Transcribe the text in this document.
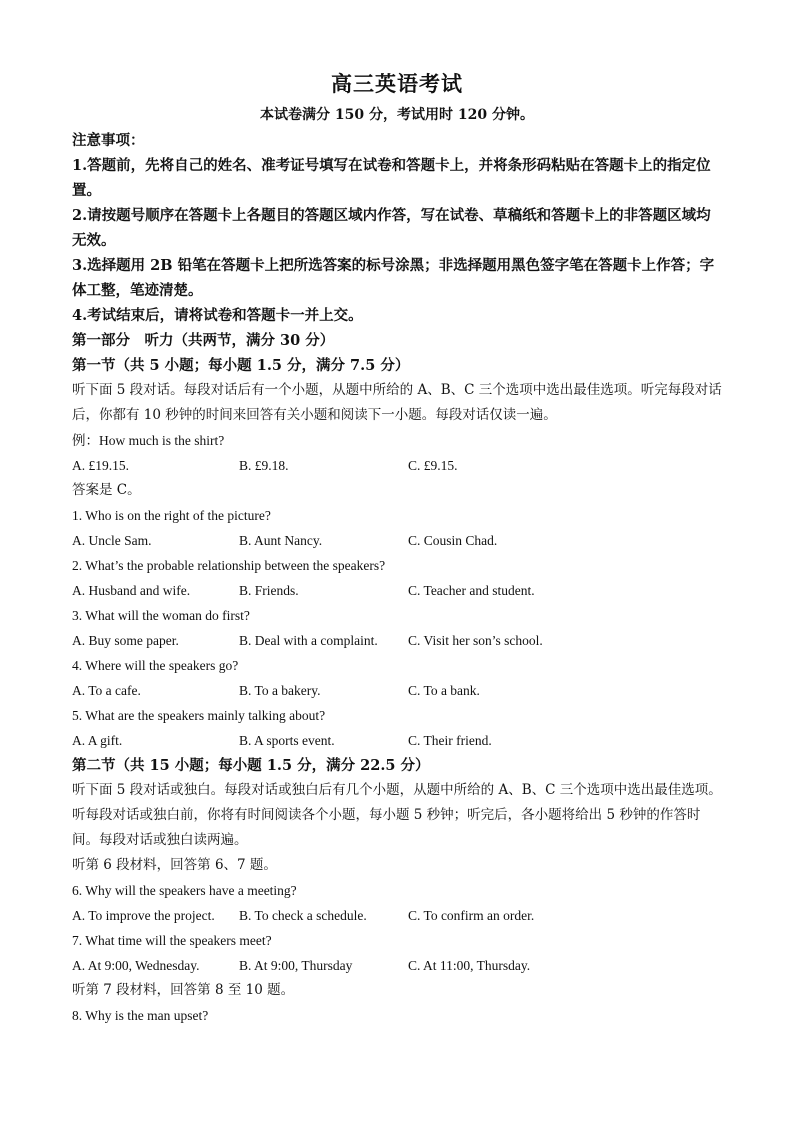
高三英语考试
本试卷满分 150 分，考试用时 120 分钟。

注意事项：

1.答题前，先将自己的姓名、准考证号填写在试卷和答题卡上，并将条形码粘贴在答题卡上的指定位置。

2.请按题号顺序在答题卡上各题目的答题区域内作答，写在试卷、草稿纸和答题卡上的非答题区域均无效。

3.选择题用 2B 铅笔在答题卡上把所选答案的标号涂黑；非选择题用黑色签字笔在答题卡上作答；字体工整，笔迹清楚。

4.考试结束后，请将试卷和答题卡一并上交。

第一部分　听力（共两节，满分 30 分）

第一节（共 5 小题；每小题 1.5 分，满分 7.5 分）

听下面 5 段对话。每段对话后有一个小题，从题中所给的 A、B、C 三个选项中选出最佳选项。听完每段对话后，你都有 10 秒钟的时间来回答有关小题和阅读下一小题。每段对话仅读一遍。

例：How much is the shirt?

A. £19.15.	B. £9.18.	C. £9.15.

答案是 C。

1. Who is on the right of the picture?

A. Uncle Sam.	B. Aunt Nancy.	C. Cousin Chad.

2. What’s the probable relationship between the speakers?

A. Husband and wife.	B. Friends.	C. Teacher and student.

3. What will the woman do first?

A. Buy some paper.	B. Deal with a complaint.	C. Visit her son’s school.

4. Where will the speakers go?

A. To a cafe.	B. To a bakery.	C. To a bank.

5. What are the speakers mainly talking about?

A. A gift.	B. A sports event.	C. Their friend.

第二节（共 15 小题；每小题 1.5 分，满分 22.5 分）

听下面 5 段对话或独白。每段对话或独白后有几个小题，从题中所给的 A、B、C 三个选项中选出最佳选项。听每段对话或独白前，你将有时间阅读各个小题，每小题 5 秒钟；听完后，各小题将给出 5 秒钟的作答时间。每段对话或独白读两遍。

听第 6 段材料，回答第 6、7 题。

6. Why will the speakers have a meeting?

A. To improve the project.	B. To check a schedule.	C. To confirm an order.

7. What time will the speakers meet?

A. At 9:00, Wednesday.	B. At 9:00, Thursday	C. At 11:00, Thursday.

听第 7 段材料，回答第 8 至 10 题。

8. Why is the man upset?
